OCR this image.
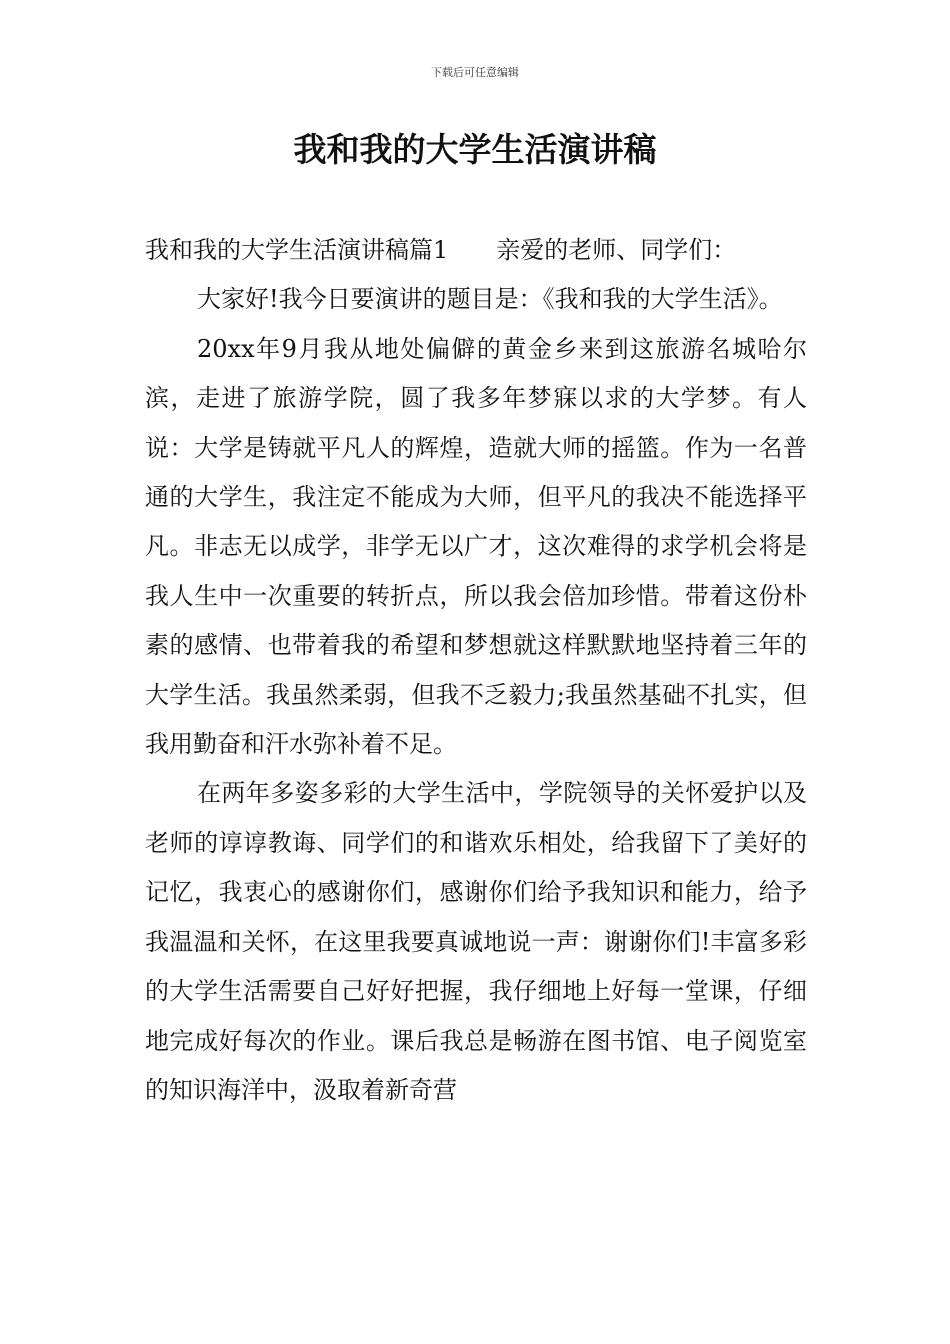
下载后可任意编辑
我和我的大学生活演讲稿

我和我的大学生活演讲稿篇1　　亲爱的老师、同学们：

大家好!我今日要演讲的题目是：《我和我的大学生活》。

20xx年9月我从地处偏僻的黄金乡来到这旅游名城哈尔滨，走进了旅游学院，圆了我多年梦寐以求的大学梦。有人说：大学是铸就平凡人的辉煌，造就大师的摇篮。作为一名普通的大学生，我注定不能成为大师，但平凡的我决不能选择平凡。非志无以成学，非学无以广才，这次难得的求学机会将是我人生中一次重要的转折点，所以我会倍加珍惜。带着这份朴素的感情、也带着我的希望和梦想就这样默默地坚持着三年的大学生活。我虽然柔弱，但我不乏毅力;我虽然基础不扎实，但我用勤奋和汗水弥补着不足。

在两年多姿多彩的大学生活中，学院领导的关怀爱护以及老师的谆谆教诲、同学们的和谐欢乐相处，给我留下了美好的记忆，我衷心的感谢你们，感谢你们给予我知识和能力，给予我温温和关怀，在这里我要真诚地说一声：谢谢你们!丰富多彩的大学生活需要自己好好把握，我仔细地上好每一堂课，仔细地完成好每次的作业。课后我总是畅游在图书馆、电子阅览室的知识海洋中，汲取着新奇营
